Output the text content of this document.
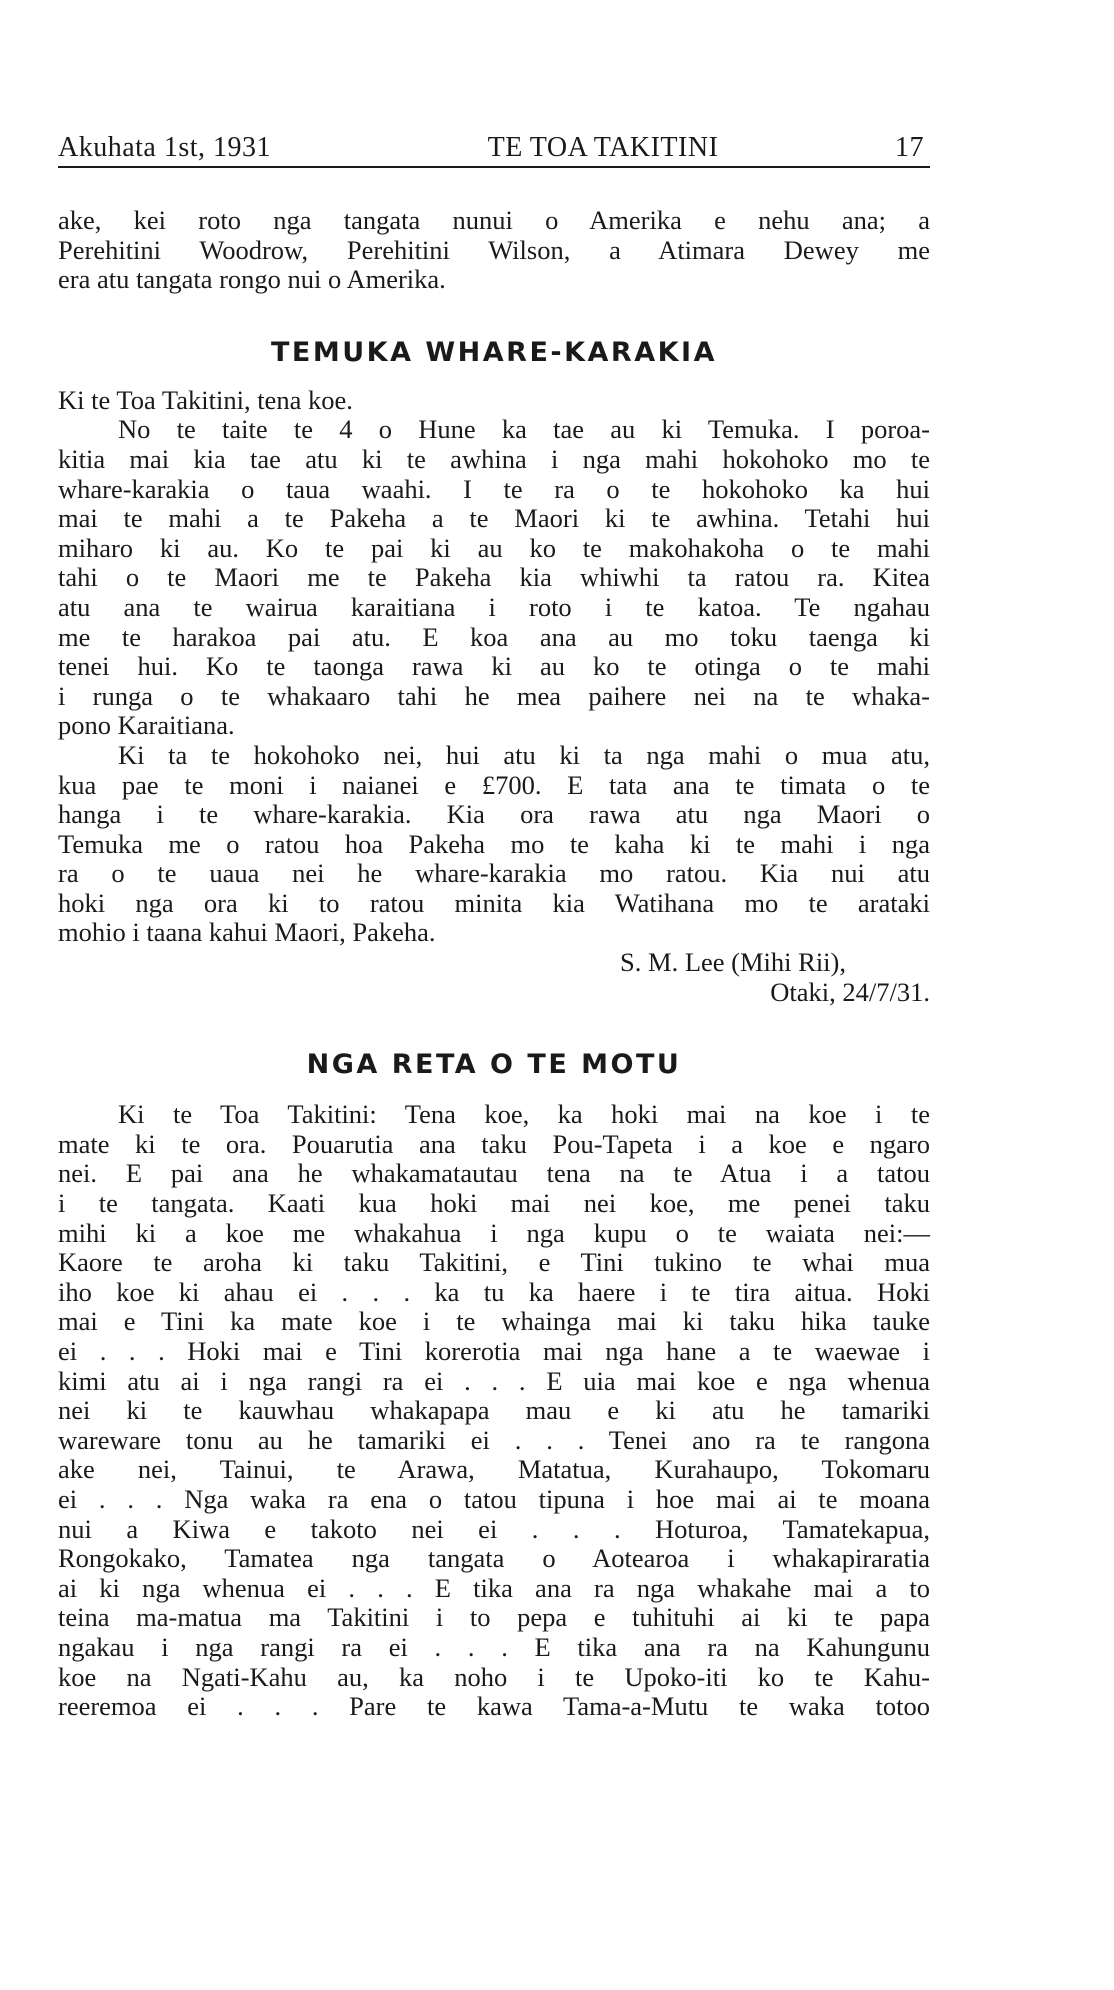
Akuhata 1st, 1931	TE TOA TAKITINI	17
ake, kei roto nga tangata nunui o Amerika e nehu ana; a
Perehitini Woodrow, Perehitini Wilson, a Atimara Dewey me
era atu tangata rongo nui o Amerika.
TEMUKA WHARE-KARAKIA
Ki te Toa Takitini, tena koe.
No te taite te 4 o Hune ka tae au ki Temuka. I poroa-
kitia mai kia tae atu ki te awhina i nga mahi hokohoko mo te
whare-karakia o taua waahi. I te ra o te hokohoko ka hui
mai te mahi a te Pakeha a te Maori ki te awhina. Tetahi hui
miharo ki au. Ko te pai ki au ko te makohakoha o te mahi
tahi o te Maori me te Pakeha kia whiwhi ta ratou ra. Kitea
atu ana te wairua karaitiana i roto i te katoa. Te ngahau
me te harakoa pai atu. E koa ana au mo toku taenga ki
tenei hui. Ko te taonga rawa ki au ko te otinga o te mahi
i runga o te whakaaro tahi he mea paihere nei na te whaka-
pono Karaitiana.
Ki ta te hokohoko nei, hui atu ki ta nga mahi o mua atu,
kua pae te moni i naianei e £700. E tata ana te timata o te
hanga i te whare-karakia. Kia ora rawa atu nga Maori o
Temuka me o ratou hoa Pakeha mo te kaha ki te mahi i nga
ra o te uaua nei he whare-karakia mo ratou. Kia nui atu
hoki nga ora ki to ratou minita kia Watihana mo te arataki
mohio i taana kahui Maori, Pakeha.
S. M. Lee (Mihi Rii),
Otaki, 24/7/31.
NGA RETA O TE MOTU
Ki te Toa Takitini: Tena koe, ka hoki mai na koe i te
mate ki te ora. Pouarutia ana taku Pou-Tapeta i a koe e ngaro
nei. E pai ana he whakamatautau tena na te Atua i a tatou
i te tangata. Kaati kua hoki mai nei koe, me penei taku
mihi ki a koe me whakahua i nga kupu o te waiata nei:—
Kaore te aroha ki taku Takitini, e Tini tukino te whai mua
iho koe ki ahau ei . . . ka tu ka haere i te tira aitua. Hoki
mai e Tini ka mate koe i te whainga mai ki taku hika tauke
ei . . . Hoki mai e Tini korerotia mai nga hane a te waewae i
kimi atu ai i nga rangi ra ei . . . E uia mai koe e nga whenua
nei ki te kauwhau whakapapa mau e ki atu he tamariki
wareware tonu au he tamariki ei . . . Tenei ano ra te rangona
ake nei, Tainui, te Arawa, Matatua, Kurahaupo, Tokomaru
ei . . . Nga waka ra ena o tatou tipuna i hoe mai ai te moana
nui a Kiwa e takoto nei ei . . . Hoturoa, Tamatekapua,
Rongokako, Tamatea nga tangata o Aotearoa i whakapiraratia
ai ki nga whenua ei . . . E tika ana ra nga whakahe mai a to
teina ma-matua ma Takitini i to pepa e tuhituhi ai ki te papa
ngakau i nga rangi ra ei . . . E tika ana ra na Kahungunu
koe na Ngati-Kahu au, ka noho i te Upoko-iti ko te Kahu-
reeremoa ei . . . Pare te kawa Tama-a-Mutu te waka totoo
